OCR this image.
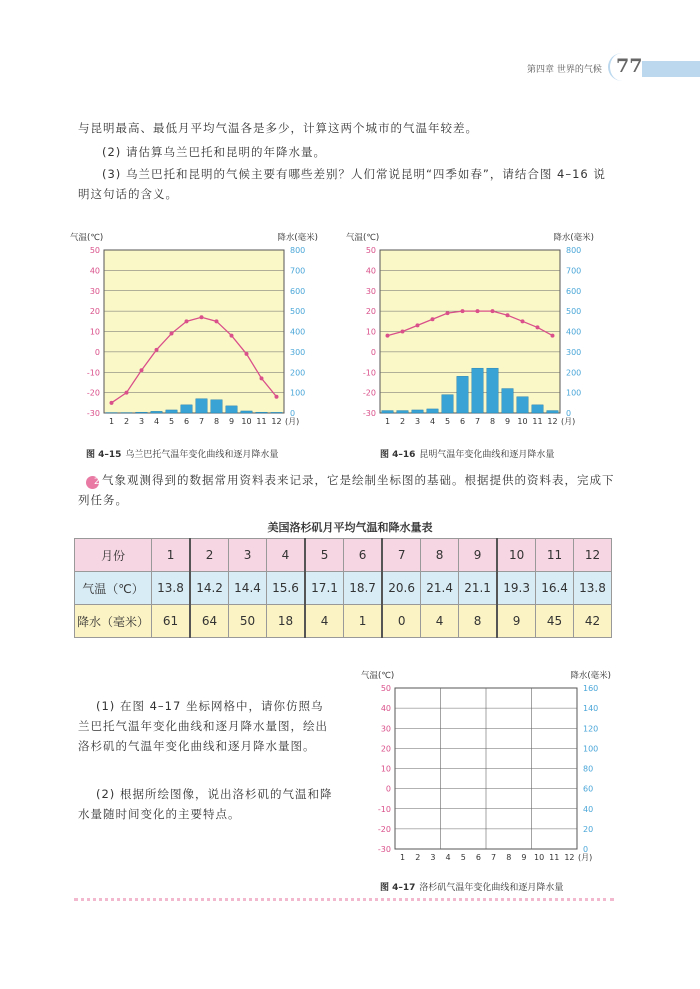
第四章 世界的气候 77
与昆明最高、最低月平均气温各是多少，计算这两个城市的气温年较差。
(2) 请估算乌兰巴托和昆明的年降水量。
(3) 乌兰巴托和昆明的气候主要有哪些差别？人们常说昆明“四季如春”，请结合图 4–16 说明这句话的含义。
50	800
40	700
30	600
20	500
10	400
0	300
-10	200
-20	100
-30	0
气温(℃)	降水(毫米)
1 2 3 4 5 6 7 8 9 10 11 12 (月)
图 4–15 乌兰巴托气温年变化曲线和逐月降水量
50	800
40	700
30	600
20	500
10	400
0	300
-10	200
-20	100
-30	0
气温(℃)	降水(毫米)
1 2 3 4 5 6 7 8 9 10 11 12 (月)
图 4–16 昆明气温年变化曲线和逐月降水量
2气象观测得到的数据常用资料表来记录，它是绘制坐标图的基础。根据提供的资料表，完成下列任务。
美国洛杉矶月平均气温和降水量表
月份	1	2	3	4	5	6	7	8	9	10	11	12
气温（℃）	13.8	14.2	14.4	15.6	17.1	18.7	20.6	21.4	21.1	19.3	16.4	13.8
降水（毫米）	61	64	50	18	4	1	0	4	8	9	45	42
(1) 在图 4–17 坐标网格中，请你仿照乌兰巴托气温年变化曲线和逐月降水量图，绘出洛杉矶的气温年变化曲线和逐月降水量图。
(2) 根据所绘图像，说出洛杉矶的气温和降水量随时间变化的主要特点。
50	160
40	140
30	120
20	100
10	80
0	60
-10	40
-20	20
-30	0
气温(℃)	降水(毫米)
1 2 3 4 5 6 7 8 9 10 11 12 (月)
图 4–17 洛杉矶气温年变化曲线和逐月降水量
